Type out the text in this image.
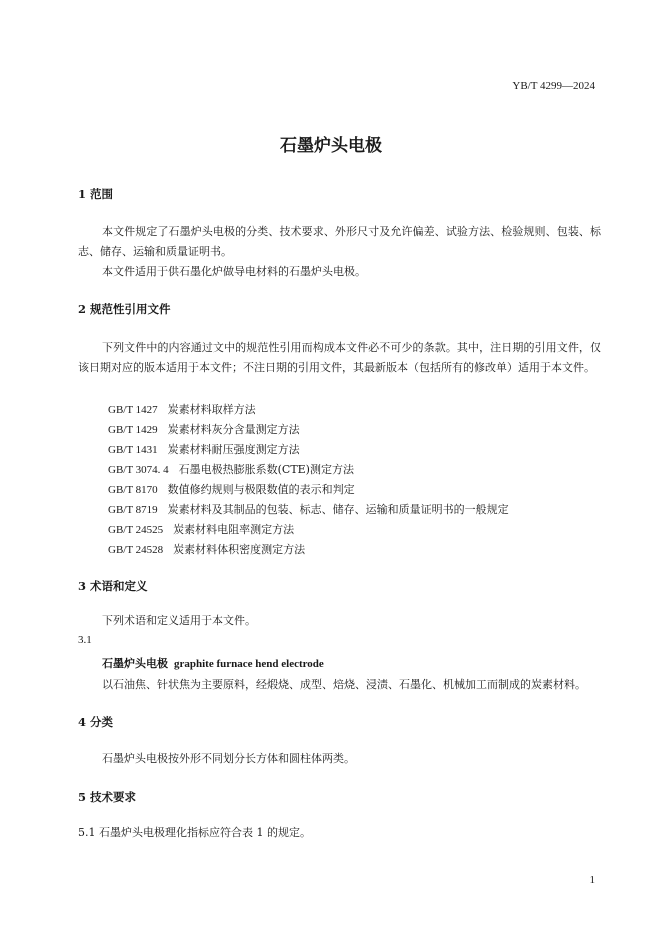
YB/T 4299—2024
石墨炉头电极
1 范围
本文件规定了石墨炉头电极的分类、技术要求、外形尺寸及允许偏差、试验方法、检验规则、包装、标志、储存、运输和质量证明书。
本文件适用于供石墨化炉做导电材料的石墨炉头电极。
2 规范性引用文件
下列文件中的内容通过文中的规范性引用而构成本文件必不可少的条款。其中，注日期的引用文件，仅该日期对应的版本适用于本文件；不注日期的引用文件，其最新版本（包括所有的修改单）适用于本文件。
GB/T 1427 炭素材料取样方法
GB/T 1429 炭素材料灰分含量测定方法
GB/T 1431 炭素材料耐压强度测定方法
GB/T 3074. 4 石墨电极热膨胀系数(CTE)测定方法
GB/T 8170 数值修约规则与极限数值的表示和判定
GB/T 8719 炭素材料及其制品的包装、标志、储存、运输和质量证明书的一般规定
GB/T 24525 炭素材料电阻率测定方法
GB/T 24528 炭素材料体积密度测定方法
3 术语和定义
下列术语和定义适用于本文件。
3.1
石墨炉头电极 graphite furnace hend electrode
以石油焦、针状焦为主要原料，经煅烧、成型、焙烧、浸渍、石墨化、机械加工而制成的炭素材料。
4 分类
石墨炉头电极按外形不同划分长方体和圆柱体两类。
5 技术要求
5.1 石墨炉头电极理化指标应符合表 1 的规定。
1
